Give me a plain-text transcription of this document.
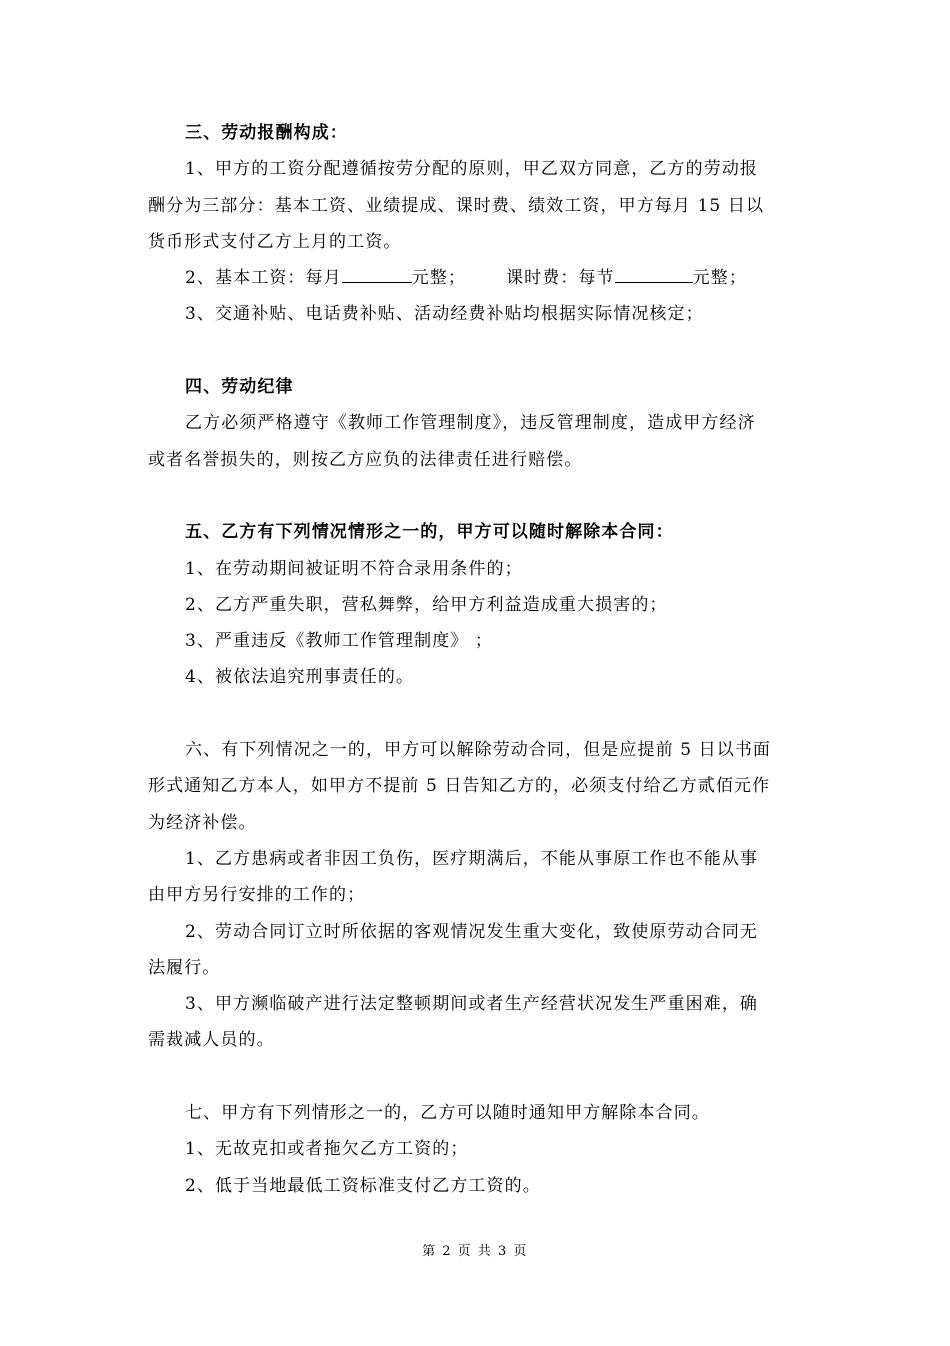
三、劳动报酬构成：
1、甲方的工资分配遵循按劳分配的原则，甲乙双方同意，乙方的劳动报
酬分为三部分：基本工资、业绩提成、课时费、绩效工资，甲方每月 15 日以
货币形式支付乙方上月的工资。
2、基本工资：每月	元整； 课时费：每节	元整；
3、交通补贴、电话费补贴、活动经费补贴均根据实际情况核定；
四、劳动纪律
乙方必须严格遵守《教师工作管理制度》，违反管理制度，造成甲方经济
或者名誉损失的，则按乙方应负的法律责任进行赔偿。
五、乙方有下列情况情形之一的，甲方可以随时解除本合同：
1、在劳动期间被证明不符合录用条件的；
2、乙方严重失职，营私舞弊，给甲方利益造成重大损害的；
3、严重违反《教师工作管理制度》 ；
4、被依法追究刑事责任的。
六、有下列情况之一的，甲方可以解除劳动合同，但是应提前 5 日以书面
形式通知乙方本人，如甲方不提前 5 日告知乙方的，必须支付给乙方贰佰元作
为经济补偿。
1、乙方患病或者非因工负伤，医疗期满后，不能从事原工作也不能从事
由甲方另行安排的工作的；
2、劳动合同订立时所依据的客观情况发生重大变化，致使原劳动合同无
法履行。
3、甲方濒临破产进行法定整顿期间或者生产经营状况发生严重困难，确
需裁减人员的。
七、甲方有下列情形之一的，乙方可以随时通知甲方解除本合同。
1、无故克扣或者拖欠乙方工资的；
2、低于当地最低工资标准支付乙方工资的。
第 2 页 共 3 页
